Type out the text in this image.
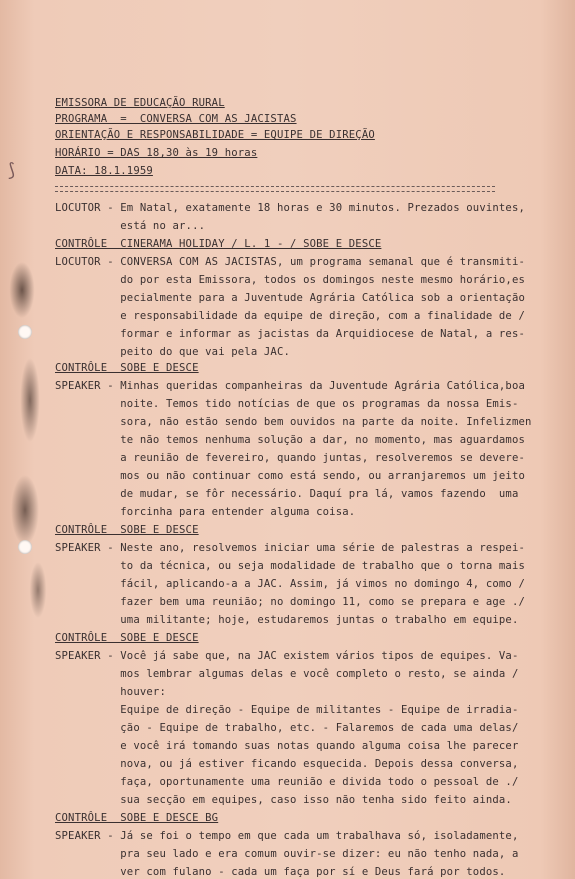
⟆
EMISSORA DE EDUCAÇÃO RURAL
PROGRAMA  =  CONVERSA COM AS JACISTAS
ORIENTAÇÃO E RESPONSABILIDADE = EQUIPE DE DIREÇÃO
HORÁRIO = DAS 18,30 às 19 horas
DATA: 18.1.1959
LOCUTOR - Em Natal, exatamente 18 horas e 30 minutos. Prezados ouvintes,
está no ar...
CONTRÔLE  CINERAMA HOLIDAY / L. 1 - / SOBE E DESCE
LOCUTOR - CONVERSA COM AS JACISTAS, um programa semanal que é transmiti-
do por esta Emissora, todos os domingos neste mesmo horário,es
pecialmente para a Juventude Agrária Católica sob a orientação
e responsabilidade da equipe de direção, com a finalidade de /
formar e informar as jacistas da Arquidiocese de Natal, a res-
peito do que vai pela JAC.
CONTRÔLE  SOBE E DESCE
SPEAKER - Minhas queridas companheiras da Juventude Agrária Católica,boa
noite. Temos tido notícias de que os programas da nossa Emis-
sora, não estão sendo bem ouvidos na parte da noite. Infelizmen
te não temos nenhuma solução a dar, no momento, mas aguardamos
a reunião de fevereiro, quando juntas, resolveremos se devere-
mos ou não continuar como está sendo, ou arranjaremos um jeito
de mudar, se fôr necessário. Daquí pra lá, vamos fazendo  uma
forcinha para entender alguma coisa.
CONTRÔLE  SOBE E DESCE
SPEAKER - Neste ano, resolvemos iniciar uma série de palestras a respei-
to da técnica, ou seja modalidade de trabalho que o torna mais
fácil, aplicando-a a JAC. Assim, já vimos no domingo 4, como /
fazer bem uma reunião; no domingo 11, como se prepara e age ./
uma militante; hoje, estudaremos juntas o trabalho em equipe.
CONTRÔLE  SOBE E DESCE
SPEAKER - Você já sabe que, na JAC existem vários tipos de equipes. Va-
mos lembrar algumas delas e você completo o resto, se ainda /
houver:
Equipe de direção - Equipe de militantes - Equipe de irradia-
ção - Equipe de trabalho, etc. - Falaremos de cada uma delas/
e você irá tomando suas notas quando alguma coisa lhe parecer
nova, ou já estiver ficando esquecida. Depois dessa conversa,
faça, oportunamente uma reunião e divida todo o pessoal de ./
sua secção em equipes, caso isso não tenha sido feito ainda.
CONTRÔLE  SOBE E DESCE BG
SPEAKER - Já se foi o tempo em que cada um trabalhava só, isoladamente,
pra seu lado e era comum ouvir-se dizer: eu não tenho nada, a
ver com fulano - cada um faça por sí e Deus fará por todos.
